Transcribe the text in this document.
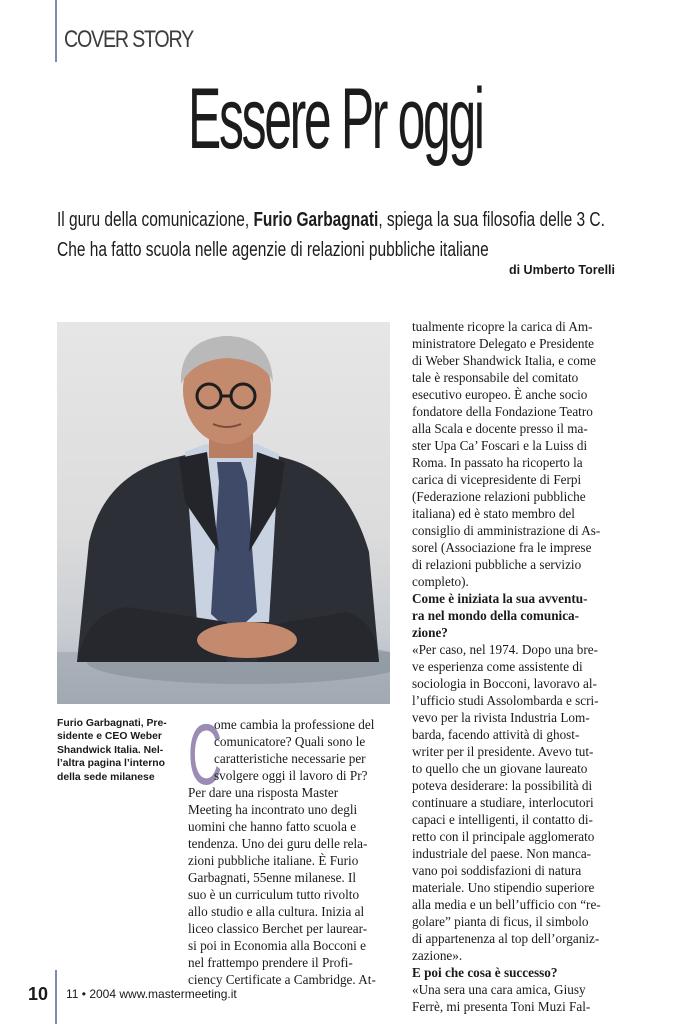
COVER STORY
Essere Pr oggi
Il guru della comunicazione, Furio Garbagnati, spiega la sua filosofia delle 3 C. Che ha fatto scuola nelle agenzie di relazioni pubbliche italiane
di Umberto Torelli
Furio Garbagnati, Pre-
sidente e CEO Weber
Shandwick Italia. Nel-
l’altra pagina l’interno
della sede milanese C
ome cambia la professione del
comunicatore? Quali sono le
caratteristiche necessarie per
svolgere oggi il lavoro di Pr?
Per dare una risposta Master
Meeting ha incontrato uno degli
uomini che hanno fatto scuola e
tendenza. Uno dei guru delle rela-
zioni pubbliche italiane. È Furio
Garbagnati, 55enne milanese. Il
suo è un curriculum tutto rivolto
allo studio e alla cultura. Inizia al
liceo classico Berchet per laurear-
si poi in Economia alla Bocconi e
nel frattempo prendere il Profi-
ciency Certificate a Cambridge. At-
tualmente ricopre la carica di Am-
ministratore Delegato e Presidente
di Weber Shandwick Italia, e come
tale è responsabile del comitato
esecutivo europeo. È anche socio
fondatore della Fondazione Teatro
alla Scala e docente presso il ma-
ster Upa Ca’ Foscari e la Luiss di
Roma. In passato ha ricoperto la
carica di vicepresidente di Ferpi
(Federazione relazioni pubbliche
italiana) ed è stato membro del
consiglio di amministrazione di As-
sorel (Associazione fra le imprese
di relazioni pubbliche a servizio
completo).
Come è iniziata la sua avventu-
ra nel mondo della comunica-
zione?
«Per caso, nel 1974. Dopo una bre-
ve esperienza come assistente di
sociologia in Bocconi, lavoravo al-
l’ufficio studi Assolombarda e scri-
vevo per la rivista Industria Lom-
barda, facendo attività di ghost-
writer per il presidente. Avevo tut-
to quello che un giovane laureato
poteva desiderare: la possibilità di
continuare a studiare, interlocutori
capaci e intelligenti, il contatto di-
retto con il principale agglomerato
industriale del paese. Non manca-
vano poi soddisfazioni di natura
materiale. Uno stipendio superiore
alla media e un bell’ufficio con “re-
golare” pianta di ficus, il simbolo
di appartenenza al top dell’organiz-
zazione».
E poi che cosa è successo?
«Una sera una cara amica, Giusy
Ferrè, mi presenta Toni Muzi Fal-
10 11 • 2004 www.mastermeeting.it
